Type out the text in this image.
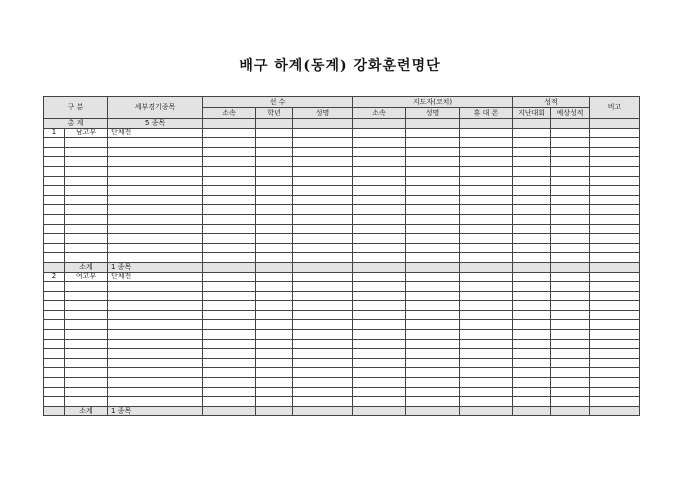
배구 하계(동계) 강화훈련명단
구 분		세부경기종목	선 수			지도자(코치)			성적		비고
			소속	학년	성명	소속	성명	휴 대 폰	지난대회	예상성적	
총 계		5 종목									
1	남고부	단체전									

	소계	1 종목									
2	여고부	단체전									

	소계	1 종목									
